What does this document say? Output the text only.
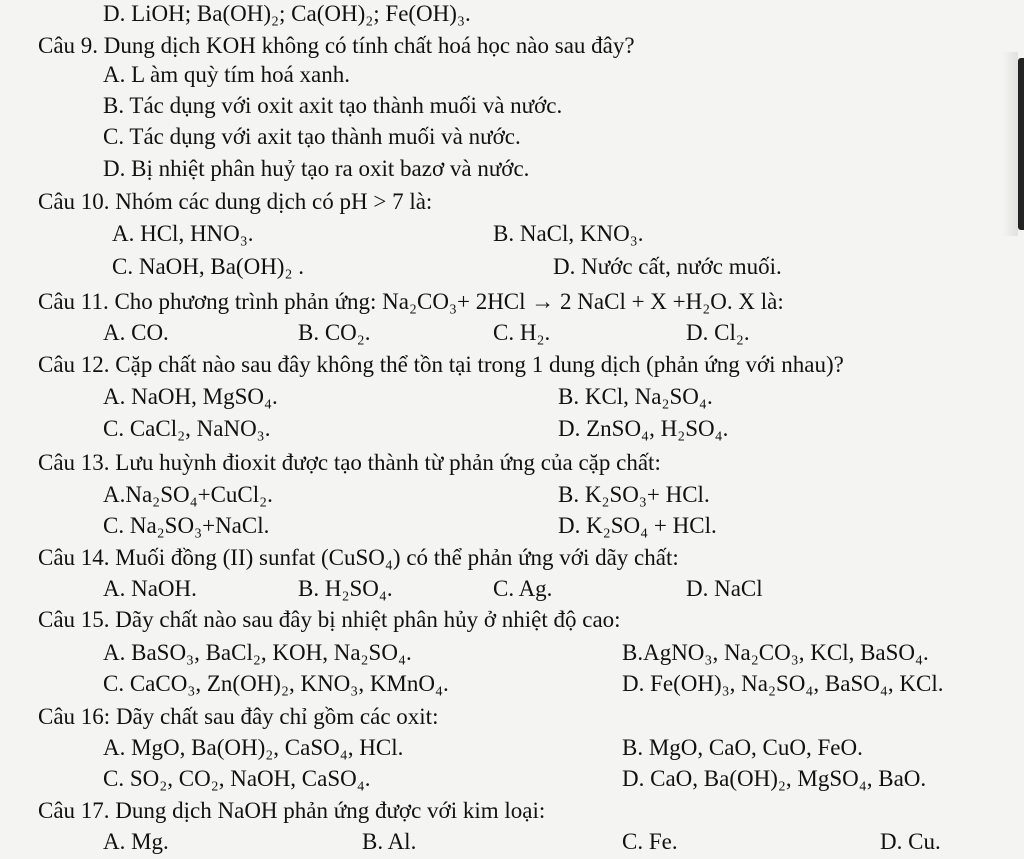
D. LiOH; Ba(OH)₂; Ca(OH)₂; Fe(OH)₃.
Câu 9. Dung dịch KOH không có tính chất hoá học nào sau đây?
A. L àm quỳ tím hoá xanh.
B. Tác dụng với oxit axit tạo thành muối và nước.
C. Tác dụng với axit tạo thành muối và nước.
D. Bị nhiệt phân huỷ tạo ra oxit bazơ và nước.
Câu 10. Nhóm các dung dịch có pH > 7 là:
A. HCl, HNO₃.	B. NaCl, KNO₃.
C. NaOH, Ba(OH)₂ .	D. Nước cất, nước muối.
Câu 11. Cho phương trình phản ứng: Na₂CO₃+ 2HCl → 2 NaCl + X +H₂O. X là:
A. CO.	B. CO₂.	C. H₂.	D. Cl₂.
Câu 12. Cặp chất nào sau đây không thể tồn tại trong 1 dung dịch (phản ứng với nhau)?
A. NaOH, MgSO₄.	B. KCl, Na₂SO₄.
C. CaCl₂, NaNO₃.	D. ZnSO₄, H₂SO₄.
Câu 13. Lưu huỳnh đioxit được tạo thành từ phản ứng của cặp chất:
A.Na₂SO₄+CuCl₂.	B. K₂SO₃+ HCl.
C. Na₂SO₃+NaCl.	D. K₂SO₄ + HCl.
Câu 14. Muối đồng (II) sunfat (CuSO₄) có thể phản ứng với dãy chất:
A. NaOH.	B. H₂SO₄.	C. Ag.	D. NaCl
Câu 15. Dãy chất nào sau đây bị nhiệt phân hủy ở nhiệt độ cao:
A. BaSO₃, BaCl₂, KOH, Na₂SO₄.	B.AgNO₃, Na₂CO₃, KCl, BaSO₄.
C. CaCO₃, Zn(OH)₂, KNO₃, KMnO₄.	D. Fe(OH)₃, Na₂SO₄, BaSO₄, KCl.
Câu 16: Dãy chất sau đây chỉ gồm các oxit:
A. MgO, Ba(OH)₂, CaSO₄, HCl.	B. MgO, CaO, CuO, FeO.
C. SO₂, CO₂, NaOH, CaSO₄.	D. CaO, Ba(OH)₂, MgSO₄, BaO.
Câu 17. Dung dịch NaOH phản ứng được với kim loại:
A. Mg.	B. Al.	C. Fe.	D. Cu.
